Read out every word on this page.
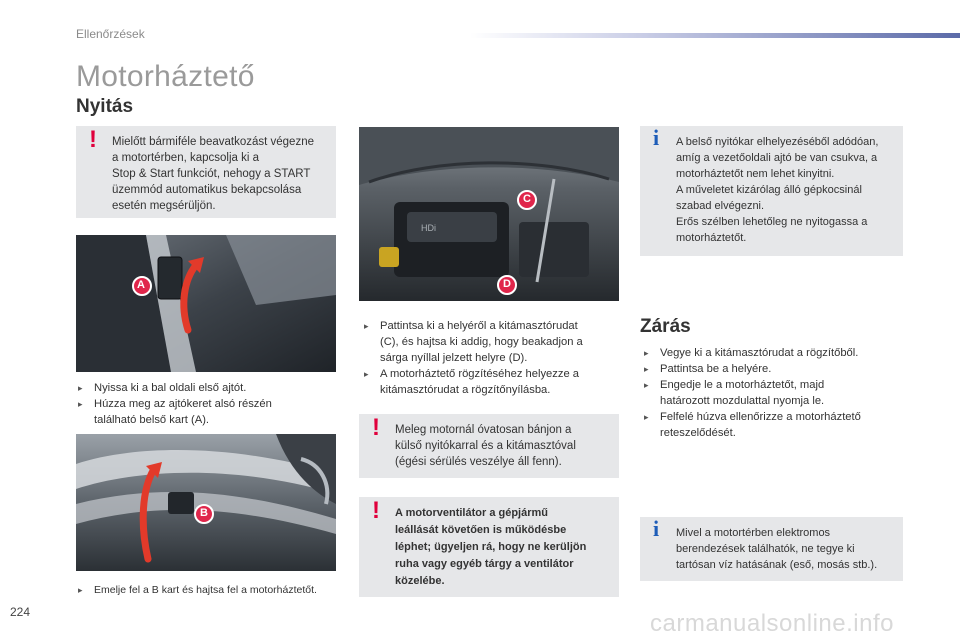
Ellenőrzések
Motorháztető
Nyitás
! Mielőtt bármiféle beavatkozást végezne
a motortérben, kapcsolja ki a
Stop & Start funkciót, nehogy a START
üzemmód automatikus bekapcsolása
esetén megsérüljön.
A
▸ Nyissa ki a bal oldali első ajtót.
▸ Húzza meg az ajtókeret alsó részén
található belső kart (A).
B
▸ Emelje fel a B kart és hajtsa fel a motorháztetőt.
HDi
C
D
▸ Pattintsa ki a helyéről a kitámasztórudat
(C), és hajtsa ki addig, hogy beakadjon a
sárga nyíllal jelzett helyre (D).
▸ A motorháztető rögzítéséhez helyezze a
kitámasztórudat a rögzítőnyílásba.
! Meleg motornál óvatosan bánjon a
külső nyitókarral és a kitámasztóval
(égési sérülés veszélye áll fenn).
! A motorventilátor a gépjármű
leállását követően is működésbe
léphet; ügyeljen rá, hogy ne kerüljön
ruha vagy egyéb tárgy a ventilátor
közelébe.
i A belső nyitókar elhelyezéséből adódóan,
amíg a vezetőoldali ajtó be van csukva, a
motorháztetőt nem lehet kinyitni.
A műveletet kizárólag álló gépkocsinál
szabad elvégezni.
Erős szélben lehetőleg ne nyitogassa a
motorháztetőt.
Zárás
▸ Vegye ki a kitámasztórudat a rögzítőből.
▸ Pattintsa be a helyére.
▸ Engedje le a motorháztetőt, majd
határozott mozdulattal nyomja le.
▸ Felfelé húzva ellenőrizze a motorháztető
reteszelődését.
i Mivel a motortérben elektromos
berendezések találhatók, ne tegye ki
tartósan víz hatásának (eső, mosás stb.).
224	carmanualsonline.info
